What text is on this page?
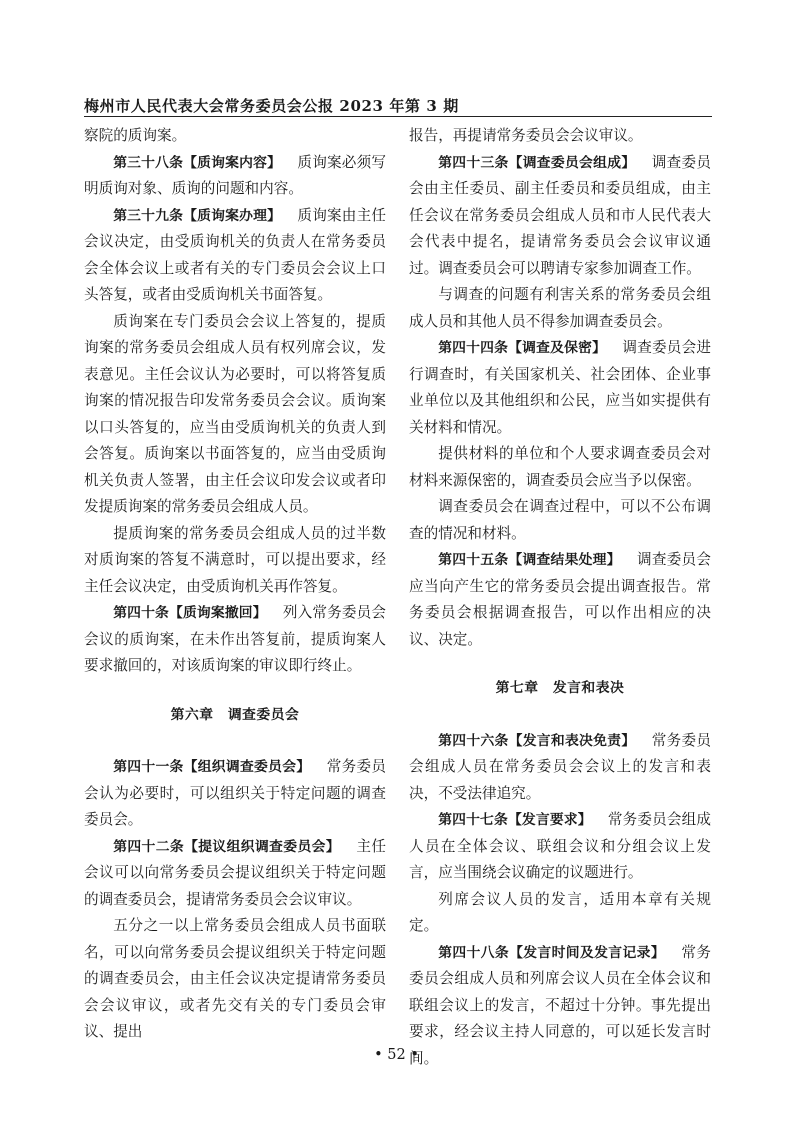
梅州市人民代表大会常务委员会公报 2023 年第 3 期

察院的质询案。

第三十八条【质询案内容】 质询案必须写明质询对象、质询的问题和内容。

第三十九条【质询案办理】 质询案由主任会议决定，由受质询机关的负责人在常务委员会全体会议上或者有关的专门委员会会议上口头答复，或者由受质询机关书面答复。

质询案在专门委员会会议上答复的，提质询案的常务委员会组成人员有权列席会议，发表意见。主任会议认为必要时，可以将答复质询案的情况报告印发常务委员会会议。质询案以口头答复的，应当由受质询机关的负责人到会答复。质询案以书面答复的，应当由受质询机关负责人签署，由主任会议印发会议或者印发提质询案的常务委员会组成人员。

提质询案的常务委员会组成人员的过半数对质询案的答复不满意时，可以提出要求，经主任会议决定，由受质询机关再作答复。

第四十条【质询案撤回】 列入常务委员会会议的质询案，在未作出答复前，提质询案人要求撤回的，对该质询案的审议即行终止。

第六章　调查委员会

第四十一条【组织调查委员会】 常务委员会认为必要时，可以组织关于特定问题的调查委员会。

第四十二条【提议组织调查委员会】 主任会议可以向常务委员会提议组织关于特定问题的调查委员会，提请常务委员会会议审议。

五分之一以上常务委员会组成人员书面联名，可以向常务委员会提议组织关于特定问题的调查委员会，由主任会议决定提请常务委员会会议审议，或者先交有关的专门委员会审议、提出

报告，再提请常务委员会会议审议。

第四十三条【调查委员会组成】 调查委员会由主任委员、副主任委员和委员组成，由主任会议在常务委员会组成人员和市人民代表大会代表中提名，提请常务委员会会议审议通过。调查委员会可以聘请专家参加调查工作。

与调查的问题有利害关系的常务委员会组成人员和其他人员不得参加调查委员会。

第四十四条【调查及保密】 调查委员会进行调查时，有关国家机关、社会团体、企业事业单位以及其他组织和公民，应当如实提供有关材料和情况。

提供材料的单位和个人要求调查委员会对材料来源保密的，调查委员会应当予以保密。

调查委员会在调查过程中，可以不公布调查的情况和材料。

第四十五条【调查结果处理】 调查委员会应当向产生它的常务委员会提出调查报告。常务委员会根据调查报告，可以作出相应的决议、决定。

第七章　发言和表决

第四十六条【发言和表决免责】 常务委员会组成人员在常务委员会会议上的发言和表决，不受法律追究。

第四十七条【发言要求】 常务委员会组成人员在全体会议、联组会议和分组会议上发言，应当围绕会议确定的议题进行。

列席会议人员的发言，适用本章有关规定。

第四十八条【发言时间及发言记录】 常务委员会组成人员和列席会议人员在全体会议和联组会议上的发言，不超过十分钟。事先提出要求，经会议主持人同意的，可以延长发言时间。

• 52 •
